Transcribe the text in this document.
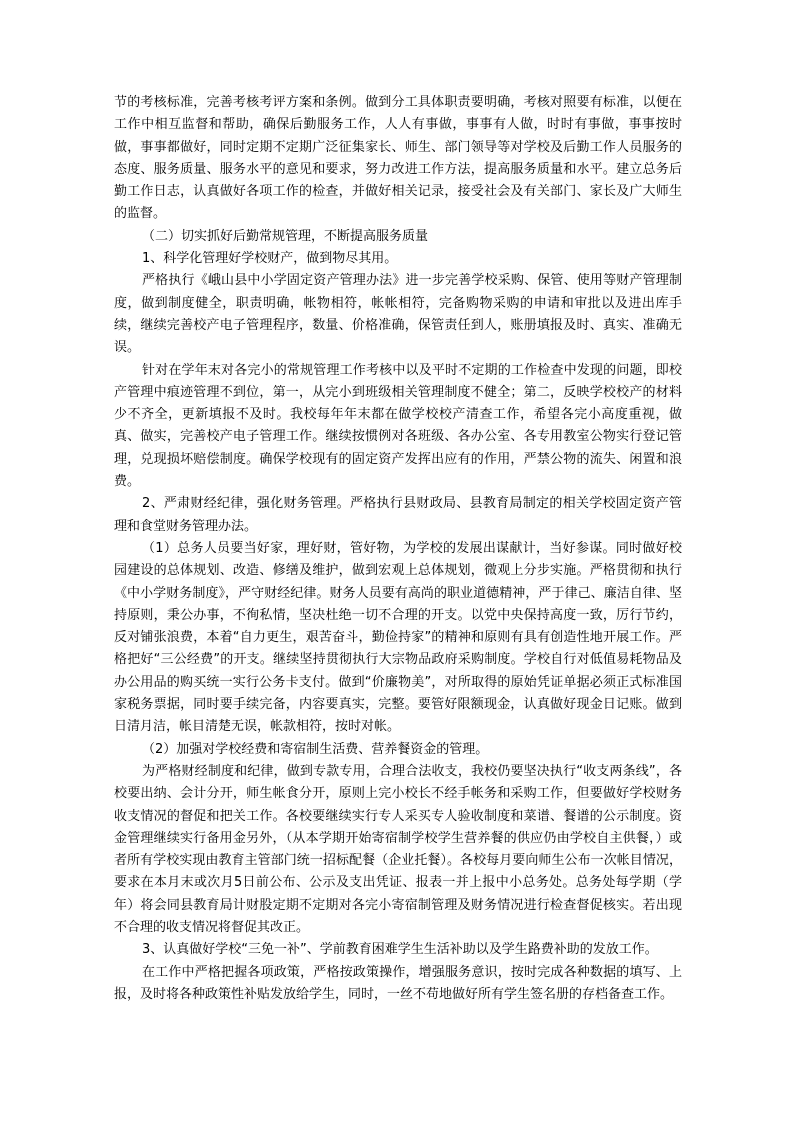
节的考核标准，完善考核考评方案和条例。做到分工具体职责要明确，考核对照要有标准，以便在工作中相互监督和帮助，确保后勤服务工作，人人有事做，事事有人做，时时有事做，事事按时做，事事都做好，同时定期不定期广泛征集家长、师生、部门领导等对学校及后勤工作人员服务的态度、服务质量、服务水平的意见和要求，努力改进工作方法，提高服务质量和水平。建立总务后勤工作日志，认真做好各项工作的检查，并做好相关记录，接受社会及有关部门、家长及广大师生的监督。

（二）切实抓好后勤常规管理，不断提高服务质量

1、科学化管理好学校财产，做到物尽其用。

严格执行《峨山县中小学固定资产管理办法》进一步完善学校采购、保管、使用等财产管理制度，做到制度健全，职责明确，帐物相符，帐帐相符，完备购物采购的申请和审批以及进出库手续，继续完善校产电子管理程序，数量、价格准确，保管责任到人，账册填报及时、真实、准确无误。

针对在学年末对各完小的常规管理工作考核中以及平时不定期的工作检查中发现的问题，即校产管理中痕迹管理不到位，第一，从完小到班级相关管理制度不健全；第二，反映学校校产的材料少不齐全，更新填报不及时。我校每年年末都在做学校校产清查工作，希望各完小高度重视，做真、做实，完善校产电子管理工作。继续按惯例对各班级、各办公室、各专用教室公物实行登记管理，兑现损坏赔偿制度。确保学校现有的固定资产发挥出应有的作用，严禁公物的流失、闲置和浪费。

2、严肃财经纪律，强化财务管理。严格执行县财政局、县教育局制定的相关学校固定资产管理和食堂财务管理办法。

（1）总务人员要当好家，理好财，管好物，为学校的发展出谋献计，当好参谋。同时做好校园建设的总体规划、改造、修缮及维护，做到宏观上总体规划，微观上分步实施。严格贯彻和执行《中小学财务制度》，严守财经纪律。财务人员要有高尚的职业道德精神，严于律己、廉洁自律、坚持原则，秉公办事，不徇私情，坚决杜绝一切不合理的开支。以党中央保持高度一致，厉行节约，反对铺张浪费，本着“自力更生，艰苦奋斗，勤俭持家”的精神和原则有具有创造性地开展工作。严格把好“三公经费”的开支。继续坚持贯彻执行大宗物品政府采购制度。学校自行对低值易耗物品及办公用品的购买统一实行公务卡支付。做到“价廉物美”，对所取得的原始凭证单据必须正式标准国家税务票据，同时要手续完备，内容要真实，完整。要管好限额现金，认真做好现金日记账。做到日清月洁，帐目清楚无误，帐款相符，按时对帐。

（2）加强对学校经费和寄宿制生活费、营养餐资金的管理。

为严格财经制度和纪律，做到专款专用，合理合法收支，我校仍要坚决执行“收支两条线”，各校要出纳、会计分开，师生帐食分开，原则上完小校长不经手帐务和采购工作，但要做好学校财务收支情况的督促和把关工作。各校要继续实行专人采买专人验收制度和菜谱、餐谱的公示制度。资金管理继续实行备用金另外，（从本学期开始寄宿制学校学生营养餐的供应仍由学校自主供餐，）或者所有学校实现由教育主管部门统一招标配餐（企业托餐）。各校每月要向师生公布一次帐目情况，要求在本月末或次月5日前公布、公示及支出凭证、报表一并上报中小总务处。总务处每学期（学年）将会同县教育局计财股定期不定期对各完小寄宿制管理及财务情况进行检查督促核实。若出现不合理的收支情况将督促其改正。

3、认真做好学校“三免一补”、学前教育困难学生生活补助以及学生路费补助的发放工作。

在工作中严格把握各项政策，严格按政策操作，增强服务意识，按时完成各种数据的填写、上报，及时将各种政策性补贴发放给学生，同时，一丝不苟地做好所有学生签名册的存档备查工作。
